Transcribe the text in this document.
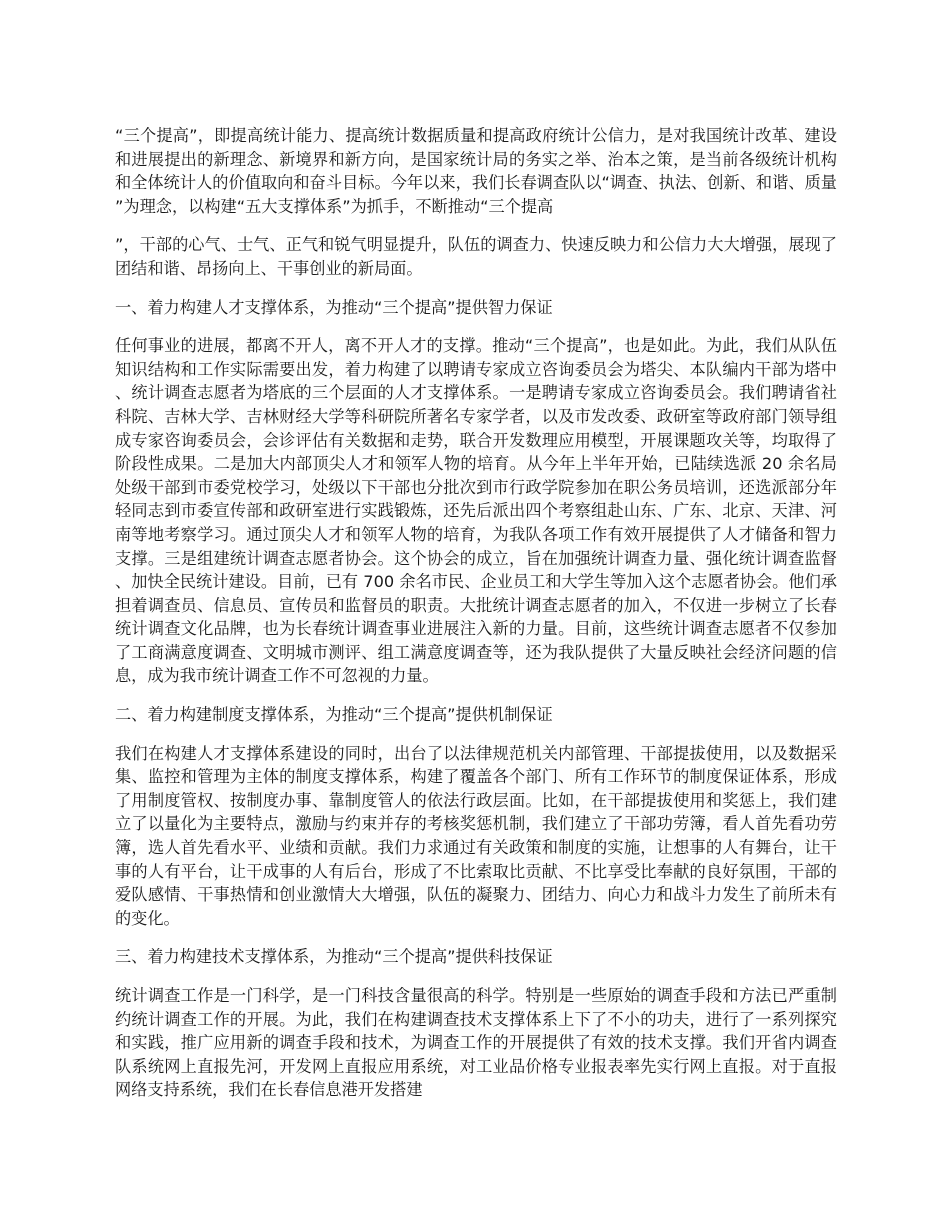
“三个提高”，即提高统计能力、提高统计数据质量和提高政府统计公信力，是对我国统计改革、建设和进展提出的新理念、新境界和新方向，是国家统计局的务实之举、治本之策，是当前各级统计机构和全体统计人的价值取向和奋斗目标。今年以来，我们长春调查队以“调查、执法、创新、和谐、质量”为理念，以构建“五大支撑体系”为抓手，不断推动“三个提高

”，干部的心气、士气、正气和锐气明显提升，队伍的调查力、快速反映力和公信力大大增强，展现了团结和谐、昂扬向上、干事创业的新局面。

一、着力构建人才支撑体系，为推动“三个提高”提供智力保证

任何事业的进展，都离不开人，离不开人才的支撑。推动“三个提高”，也是如此。为此，我们从队伍知识结构和工作实际需要出发，着力构建了以聘请专家成立咨询委员会为塔尖、本队编内干部为塔中、统计调查志愿者为塔底的三个层面的人才支撑体系。一是聘请专家成立咨询委员会。我们聘请省社科院、吉林大学、吉林财经大学等科研院所著名专家学者，以及市发改委、政研室等政府部门领导组成专家咨询委员会，会诊评估有关数据和走势，联合开发数理应用模型，开展课题攻关等，均取得了阶段性成果。二是加大内部顶尖人才和领军人物的培育。从今年上半年开始，已陆续选派 20 余名局处级干部到市委党校学习，处级以下干部也分批次到市行政学院参加在职公务员培训，还选派部分年轻同志到市委宣传部和政研室进行实践锻炼，还先后派出四个考察组赴山东、广东、北京、天津、河南等地考察学习。通过顶尖人才和领军人物的培育，为我队各项工作有效开展提供了人才储备和智力支撑。三是组建统计调查志愿者协会。这个协会的成立，旨在加强统计调查力量、强化统计调查监督、加快全民统计建设。目前，已有 700 余名市民、企业员工和大学生等加入这个志愿者协会。他们承担着调查员、信息员、宣传员和监督员的职责。大批统计调查志愿者的加入，不仅进一步树立了长春统计调查文化品牌，也为长春统计调查事业进展注入新的力量。目前，这些统计调查志愿者不仅参加了工商满意度调查、文明城市测评、组工满意度调查等，还为我队提供了大量反映社会经济问题的信息，成为我市统计调查工作不可忽视的力量。

二、着力构建制度支撑体系，为推动“三个提高”提供机制保证

我们在构建人才支撑体系建设的同时，出台了以法律规范机关内部管理、干部提拔使用，以及数据采集、监控和管理为主体的制度支撑体系，构建了覆盖各个部门、所有工作环节的制度保证体系，形成了用制度管权、按制度办事、靠制度管人的依法行政层面。比如，在干部提拔使用和奖惩上，我们建立了以量化为主要特点，激励与约束并存的考核奖惩机制，我们建立了干部功劳簿，看人首先看功劳簿，选人首先看水平、业绩和贡献。我们力求通过有关政策和制度的实施，让想事的人有舞台，让干事的人有平台，让干成事的人有后台，形成了不比索取比贡献、不比享受比奉献的良好氛围，干部的爱队感情、干事热情和创业激情大大增强，队伍的凝聚力、团结力、向心力和战斗力发生了前所未有的变化。

三、着力构建技术支撑体系，为推动“三个提高”提供科技保证

统计调查工作是一门科学，是一门科技含量很高的科学。特别是一些原始的调查手段和方法已严重制约统计调查工作的开展。为此，我们在构建调查技术支撑体系上下了不小的功夫，进行了一系列探究和实践，推广应用新的调查手段和技术，为调查工作的开展提供了有效的技术支撑。我们开省内调查队系统网上直报先河，开发网上直报应用系统，对工业品价格专业报表率先实行网上直报。对于直报网络支持系统，我们在长春信息港开发搭建
